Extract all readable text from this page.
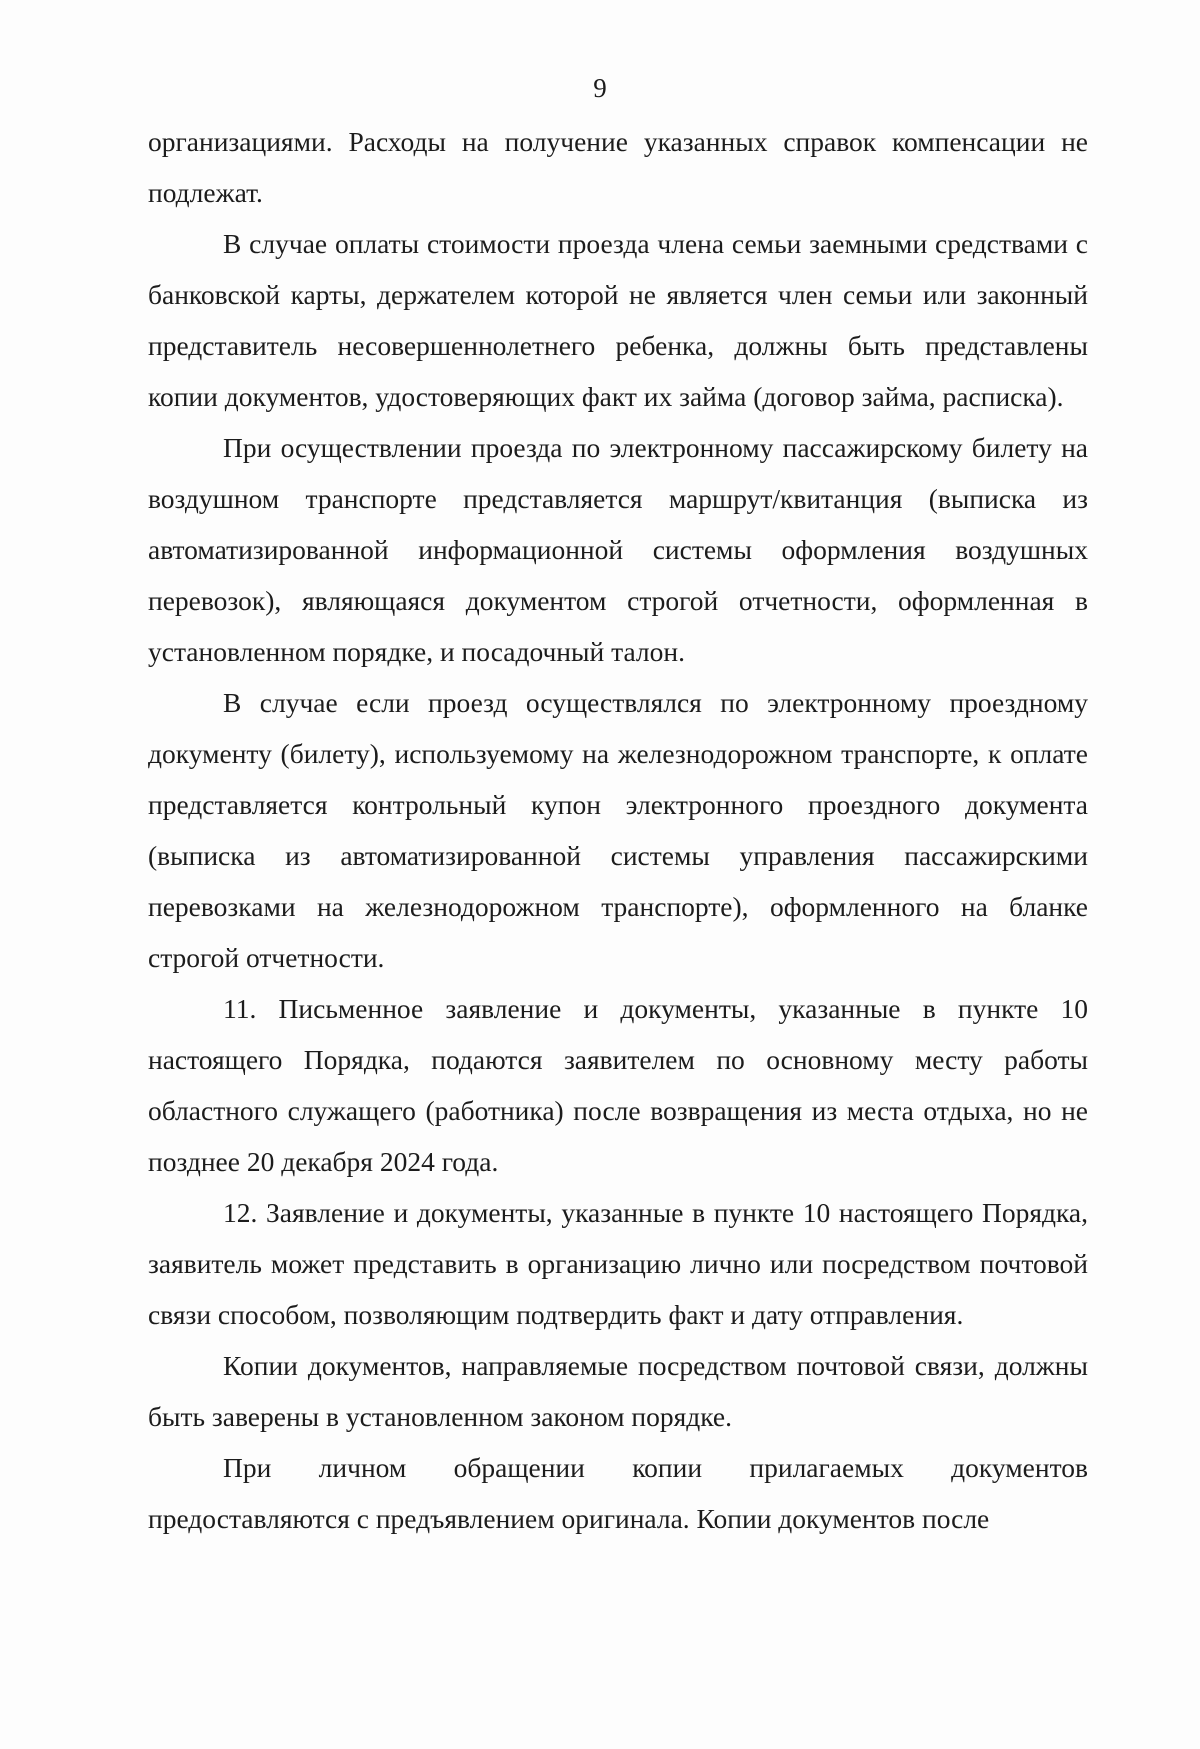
9

организациями. Расходы на получение указанных справок компенсации не подлежат.

В случае оплаты стоимости проезда члена семьи заемными средствами с банковской карты, держателем которой не является член семьи или законный представитель несовершеннолетнего ребенка, должны быть представлены копии документов, удостоверяющих факт их займа (договор займа, расписка).

При осуществлении проезда по электронному пассажирскому билету на воздушном транспорте представляется маршрут/квитанция (выписка из автоматизированной информационной системы оформления воздушных перевозок), являющаяся документом строгой отчетности, оформленная в установленном порядке, и посадочный талон.

В случае если проезд осуществлялся по электронному проездному документу (билету), используемому на железнодорожном транспорте, к оплате представляется контрольный купон электронного проездного документа (выписка из автоматизированной системы управления пассажирскими перевозками на железнодорожном транспорте), оформленного на бланке строгой отчетности.

11. Письменное заявление и документы, указанные в пункте 10 настоящего Порядка, подаются заявителем по основному месту работы областного служащего (работника) после возвращения из места отдыха, но не позднее 20 декабря 2024 года.

12. Заявление и документы, указанные в пункте 10 настоящего Порядка, заявитель может представить в организацию лично или посредством почтовой связи способом, позволяющим подтвердить факт и дату отправления.

Копии документов, направляемые посредством почтовой связи, должны быть заверены в установленном законом порядке.

При личном обращении копии прилагаемых документов предоставляются с предъявлением оригинала. Копии документов после
